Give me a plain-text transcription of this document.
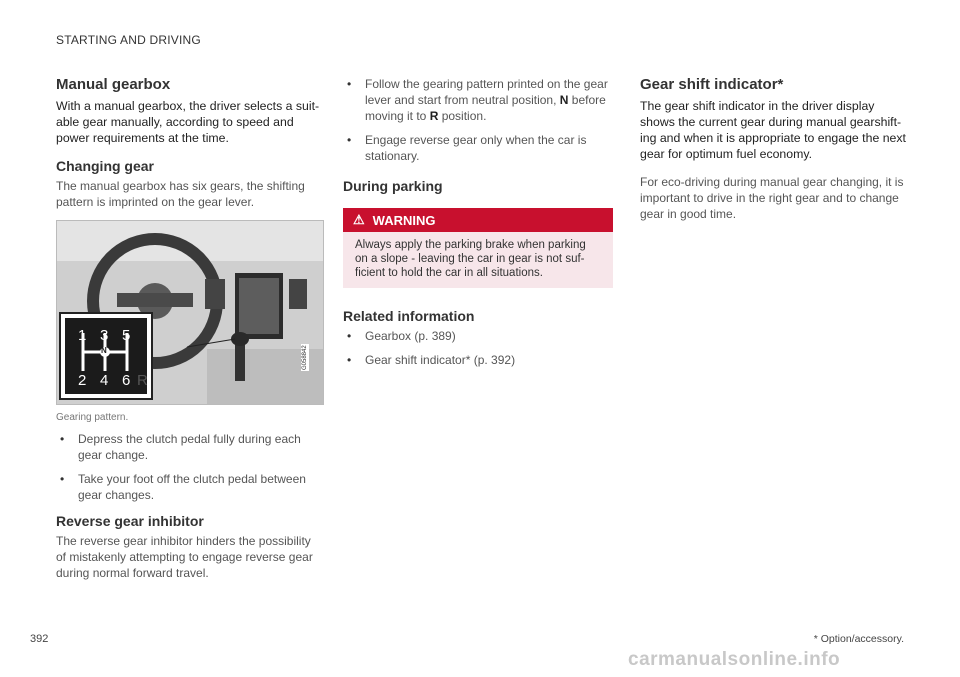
STARTING AND DRIVING
Manual gearbox

With a manual gearbox, the driver selects a suit- able gear manually, according to speed and power requirements at the time.

Changing gear

The manual gearbox has six gears, the shifting pattern is imprinted on the gear lever.

1 3 5
2 4 6
N
R
G058842
Gearing pattern.
• Depress the clutch pedal fully during each gear change.
• Take your foot off the clutch pedal between gear changes.
Reverse gear inhibitor

The reverse gear inhibitor hinders the possibility of mistakenly attempting to engage reverse gear during normal forward travel.

• Follow the gearing pattern printed on the gear lever and start from neutral position, N before moving it to R position.
• Engage reverse gear only when the car is stationary.
During parking
⚠ WARNING
Always apply the parking brake when parking on a slope - leaving the car in gear is not suf- ficient to hold the car in all situations.
Related information
• Gearbox (p. 389)
• Gear shift indicator* (p. 392)
Gear shift indicator*

The gear shift indicator in the driver display shows the current gear during manual gearshift- ing and when it is appropriate to engage the next gear for optimum fuel economy.

For eco-driving during manual gear changing, it is important to drive in the right gear and to change gear in good time.

392	* Option/accessory.
carmanualsonline.info
